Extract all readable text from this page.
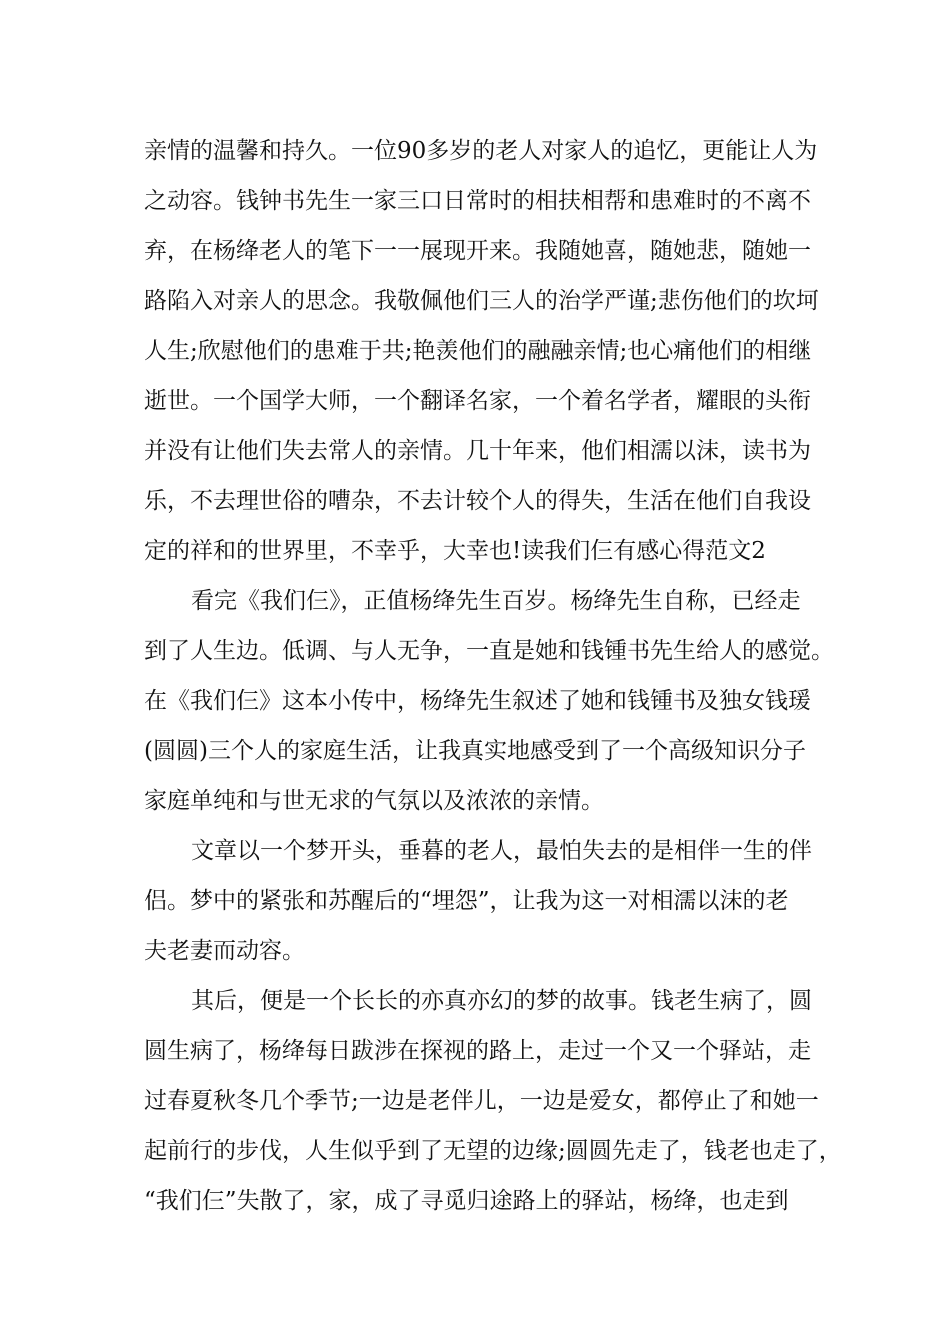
亲情的温馨和持久。一位90多岁的老人对家人的追忆，更能让人为
之动容。钱钟书先生一家三口日常时的相扶相帮和患难时的不离不
弃，在杨绛老人的笔下一一展现开来。我随她喜，随她悲，随她一
路陷入对亲人的思念。我敬佩他们三人的治学严谨;悲伤他们的坎坷
人生;欣慰他们的患难于共;艳羡他们的融融亲情;也心痛他们的相继
逝世。一个国学大师，一个翻译名家，一个着名学者，耀眼的头衔
并没有让他们失去常人的亲情。几十年来，他们相濡以沫，读书为
乐，不去理世俗的嘈杂，不去计较个人的得失，生活在他们自我设
定的祥和的世界里，不幸乎，大幸也!读我们仨有感心得范文2
看完《我们仨》，正值杨绛先生百岁。杨绛先生自称，已经走
到了人生边。低调、与人无争，一直是她和钱锺书先生给人的感觉。
在《我们仨》这本小传中，杨绛先生叙述了她和钱锺书及独女钱瑗
(圆圆)三个人的家庭生活，让我真实地感受到了一个高级知识分子
家庭单纯和与世无求的气氛以及浓浓的亲情。
文章以一个梦开头，垂暮的老人，最怕失去的是相伴一生的伴
侣。梦中的紧张和苏醒后的“埋怨”，让我为这一对相濡以沫的老
夫老妻而动容。
其后，便是一个长长的亦真亦幻的梦的故事。钱老生病了，圆
圆生病了，杨绛每日跋涉在探视的路上，走过一个又一个驿站，走
过春夏秋冬几个季节;一边是老伴儿，一边是爱女，都停止了和她一
起前行的步伐，人生似乎到了无望的边缘;圆圆先走了，钱老也走了，
“我们仨”失散了，家，成了寻觅归途路上的驿站，杨绛，也走到
